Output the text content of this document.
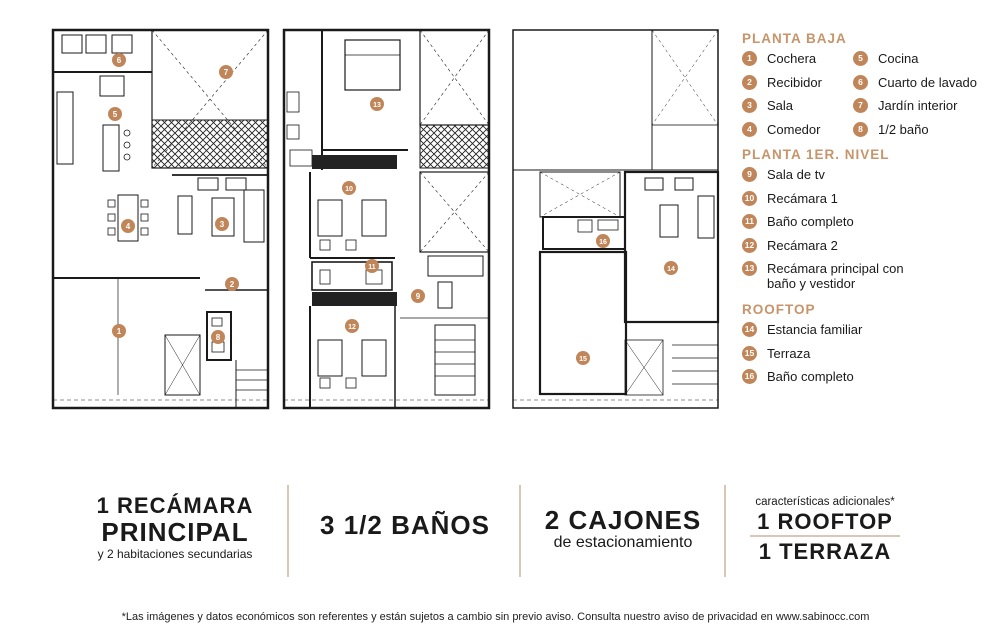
1
2
3
4
5
6
7
8
9
10
11
12
13
14
15
16
PLANTA BAJA
1	Cochera	5	Cocina
2	Recibidor	6	Cuarto de lavado
3	Sala	7	Jardín interior
4	Comedor	8	1/2 baño
PLANTA 1ER. NIVEL
9	Sala de tv
10 Recámara 1
11 Baño completo
12 Recámara 2
13 Recámara principal con baño y vestidor
ROOFTOP
14 Estancia familiar
15 Terraza
16 Baño completo
1 RECÁMARA
PRINCIPAL
y 2 habitaciones secundarias
3 1/2 BAÑOS	2 CAJONES
de estacionamiento
características adicionales*
1 ROOFTOP
1 TERRAZA
*Las imágenes y datos económicos son referentes y están sujetos a cambio sin previo aviso. Consulta nuestro aviso de privacidad en www.sabinocc.com
